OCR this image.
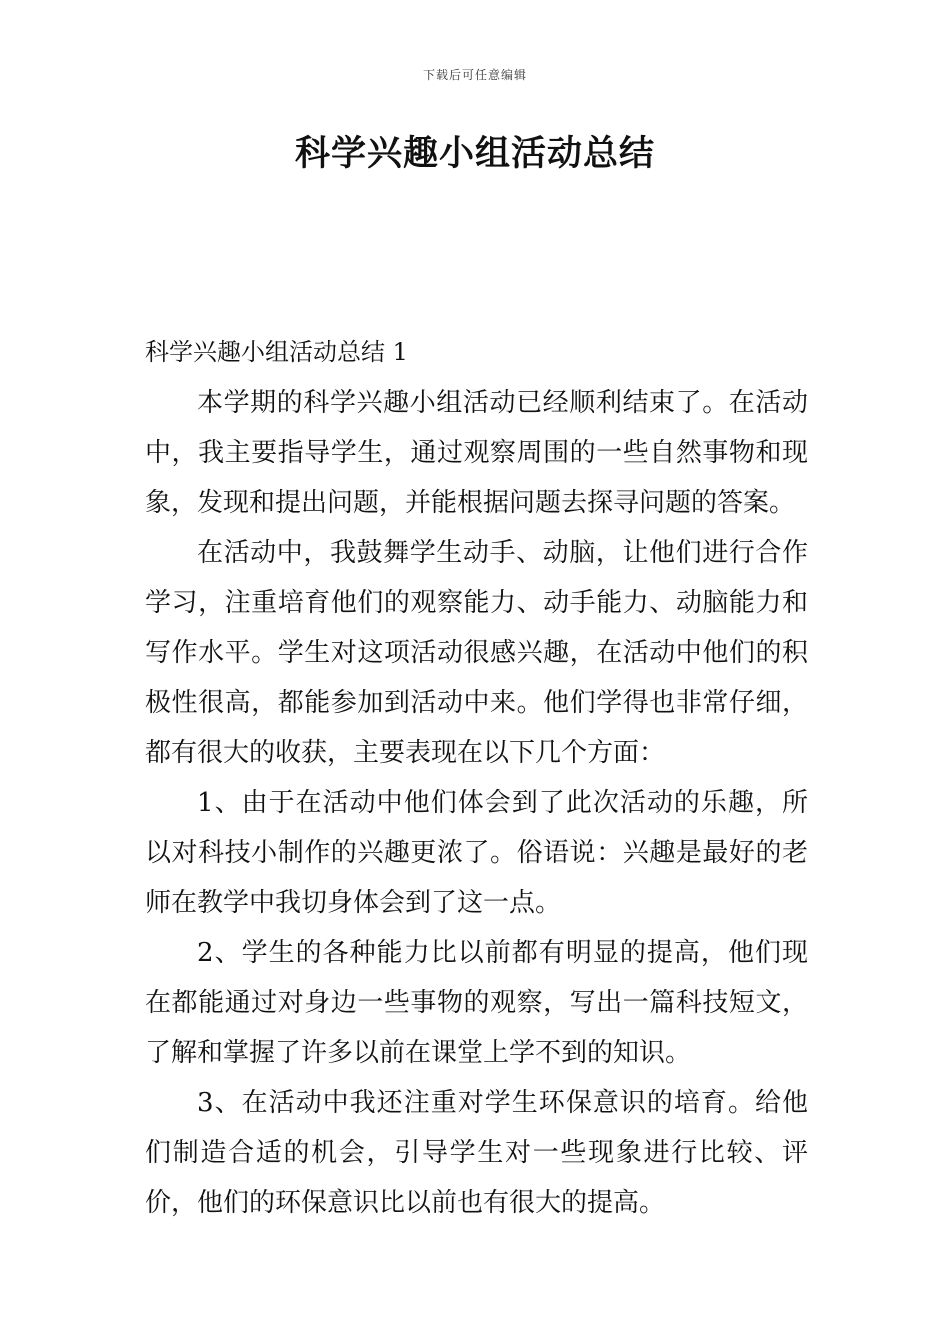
下载后可任意编辑
科学兴趣小组活动总结
科学兴趣小组活动总结 1

本学期的科学兴趣小组活动已经顺利结束了。在活动中，我主要指导学生，通过观察周围的一些自然事物和现象，发现和提出问题，并能根据问题去探寻问题的答案。

在活动中，我鼓舞学生动手、动脑，让他们进行合作学习，注重培育他们的观察能力、动手能力、动脑能力和写作水平。学生对这项活动很感兴趣，在活动中他们的积极性很高，都能参加到活动中来。他们学得也非常仔细，都有很大的收获，主要表现在以下几个方面：

1、由于在活动中他们体会到了此次活动的乐趣，所以对科技小制作的兴趣更浓了。俗语说：兴趣是最好的老师在教学中我切身体会到了这一点。

2、学生的各种能力比以前都有明显的提高，他们现在都能通过对身边一些事物的观察，写出一篇科技短文，了解和掌握了许多以前在课堂上学不到的知识。

3、在活动中我还注重对学生环保意识的培育。给他们制造合适的机会，引导学生对一些现象进行比较、评价，他们的环保意识比以前也有很大的提高。
